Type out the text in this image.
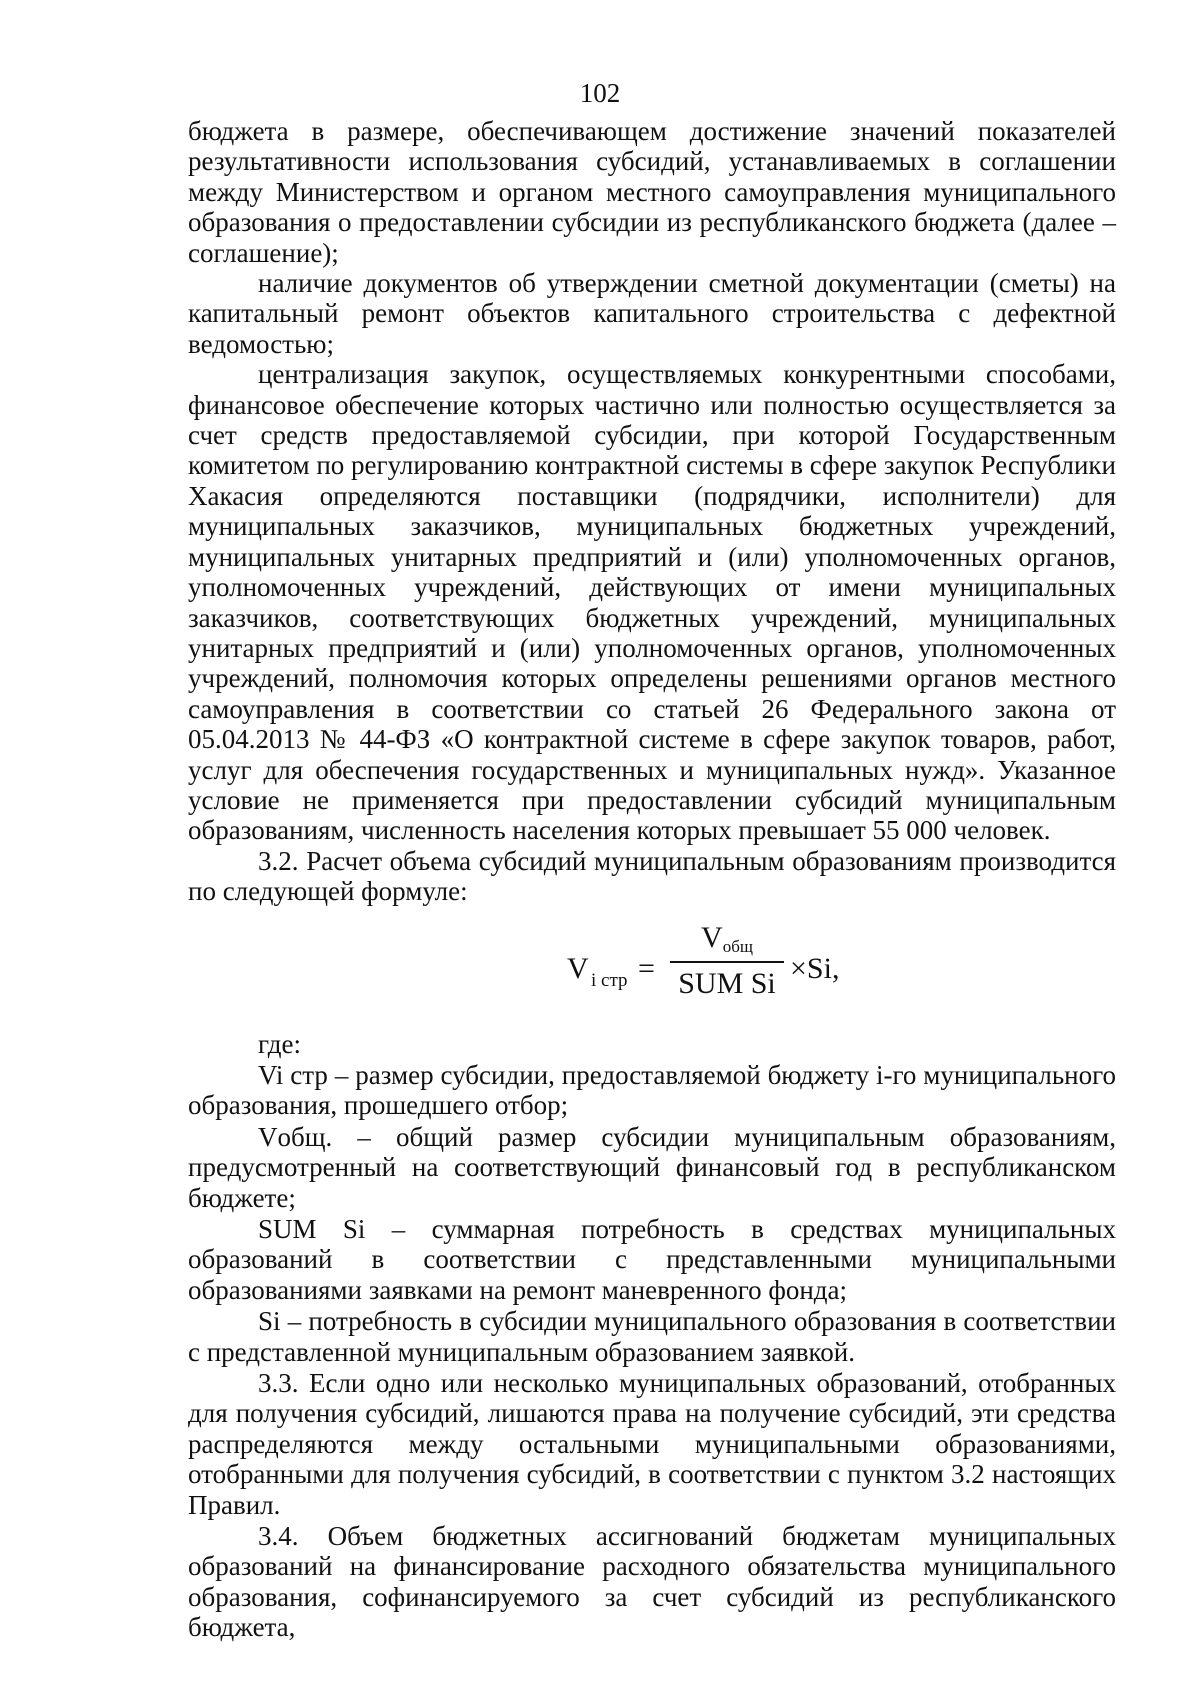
102

бюджета в размере, обеспечивающем достижение значений показателей результативности использования субсидий, устанавливаемых в соглашении между Министерством и органом местного самоуправления муниципального образования о предоставлении субсидии из республиканского бюджета (далее – соглашение);

наличие документов об утверждении сметной документации (сметы) на капитальный ремонт объектов капитального строительства с дефектной ведомостью;

централизация закупок, осуществляемых конкурентными способами, финансовое обеспечение которых частично или полностью осуществляется за счет средств предоставляемой субсидии, при которой Государственным комитетом по регулированию контрактной системы в сфере закупок Республики Хакасия определяются поставщики (подрядчики, исполнители) для муниципальных заказчиков, муниципальных бюджетных учреждений, муниципальных унитарных предприятий и (или) уполномоченных органов, уполномоченных учреждений, действующих от имени муниципальных заказчиков, соответствующих бюджетных учреждений, муниципальных унитарных предприятий и (или) уполномоченных органов, уполномоченных учреждений, полномочия которых определены решениями органов местного самоуправления в соответствии со статьей 26 Федерального закона от 05.04.2013 № 44-ФЗ «О контрактной системе в сфере закупок товаров, работ, услуг для обеспечения государственных и муниципальных нужд». Указанное условие не применяется при предоставлении субсидий муниципальным образованиям, численность населения которых превышает 55 000 человек.

3.2. Расчет объема субсидий муниципальным образованиям производится по следующей формуле:

V i стр =
Vобщ
SUM Si ×Si,

где:

Vi стр – размер субсидии, предоставляемой бюджету i-го муниципального образования, прошедшего отбор;

Vобщ. – общий размер субсидии муниципальным образованиям, предусмотренный на соответствующий финансовый год в республиканском бюджете;

SUM Si – суммарная потребность в средствах муниципальных образований в соответствии с представленными муниципальными образованиями заявками на ремонт маневренного фонда;

Si – потребность в субсидии муниципального образования в соответствии с представленной муниципальным образованием заявкой.

3.3. Если одно или несколько муниципальных образований, отобранных для получения субсидий, лишаются права на получение субсидий, эти средства распределяются между остальными муниципальными образованиями, отобранными для получения субсидий, в соответствии с пунктом 3.2 настоящих Правил.

3.4. Объем бюджетных ассигнований бюджетам муниципальных образований на финансирование расходного обязательства муниципального образования, софинансируемого за счет субсидий из республиканского бюджета,
